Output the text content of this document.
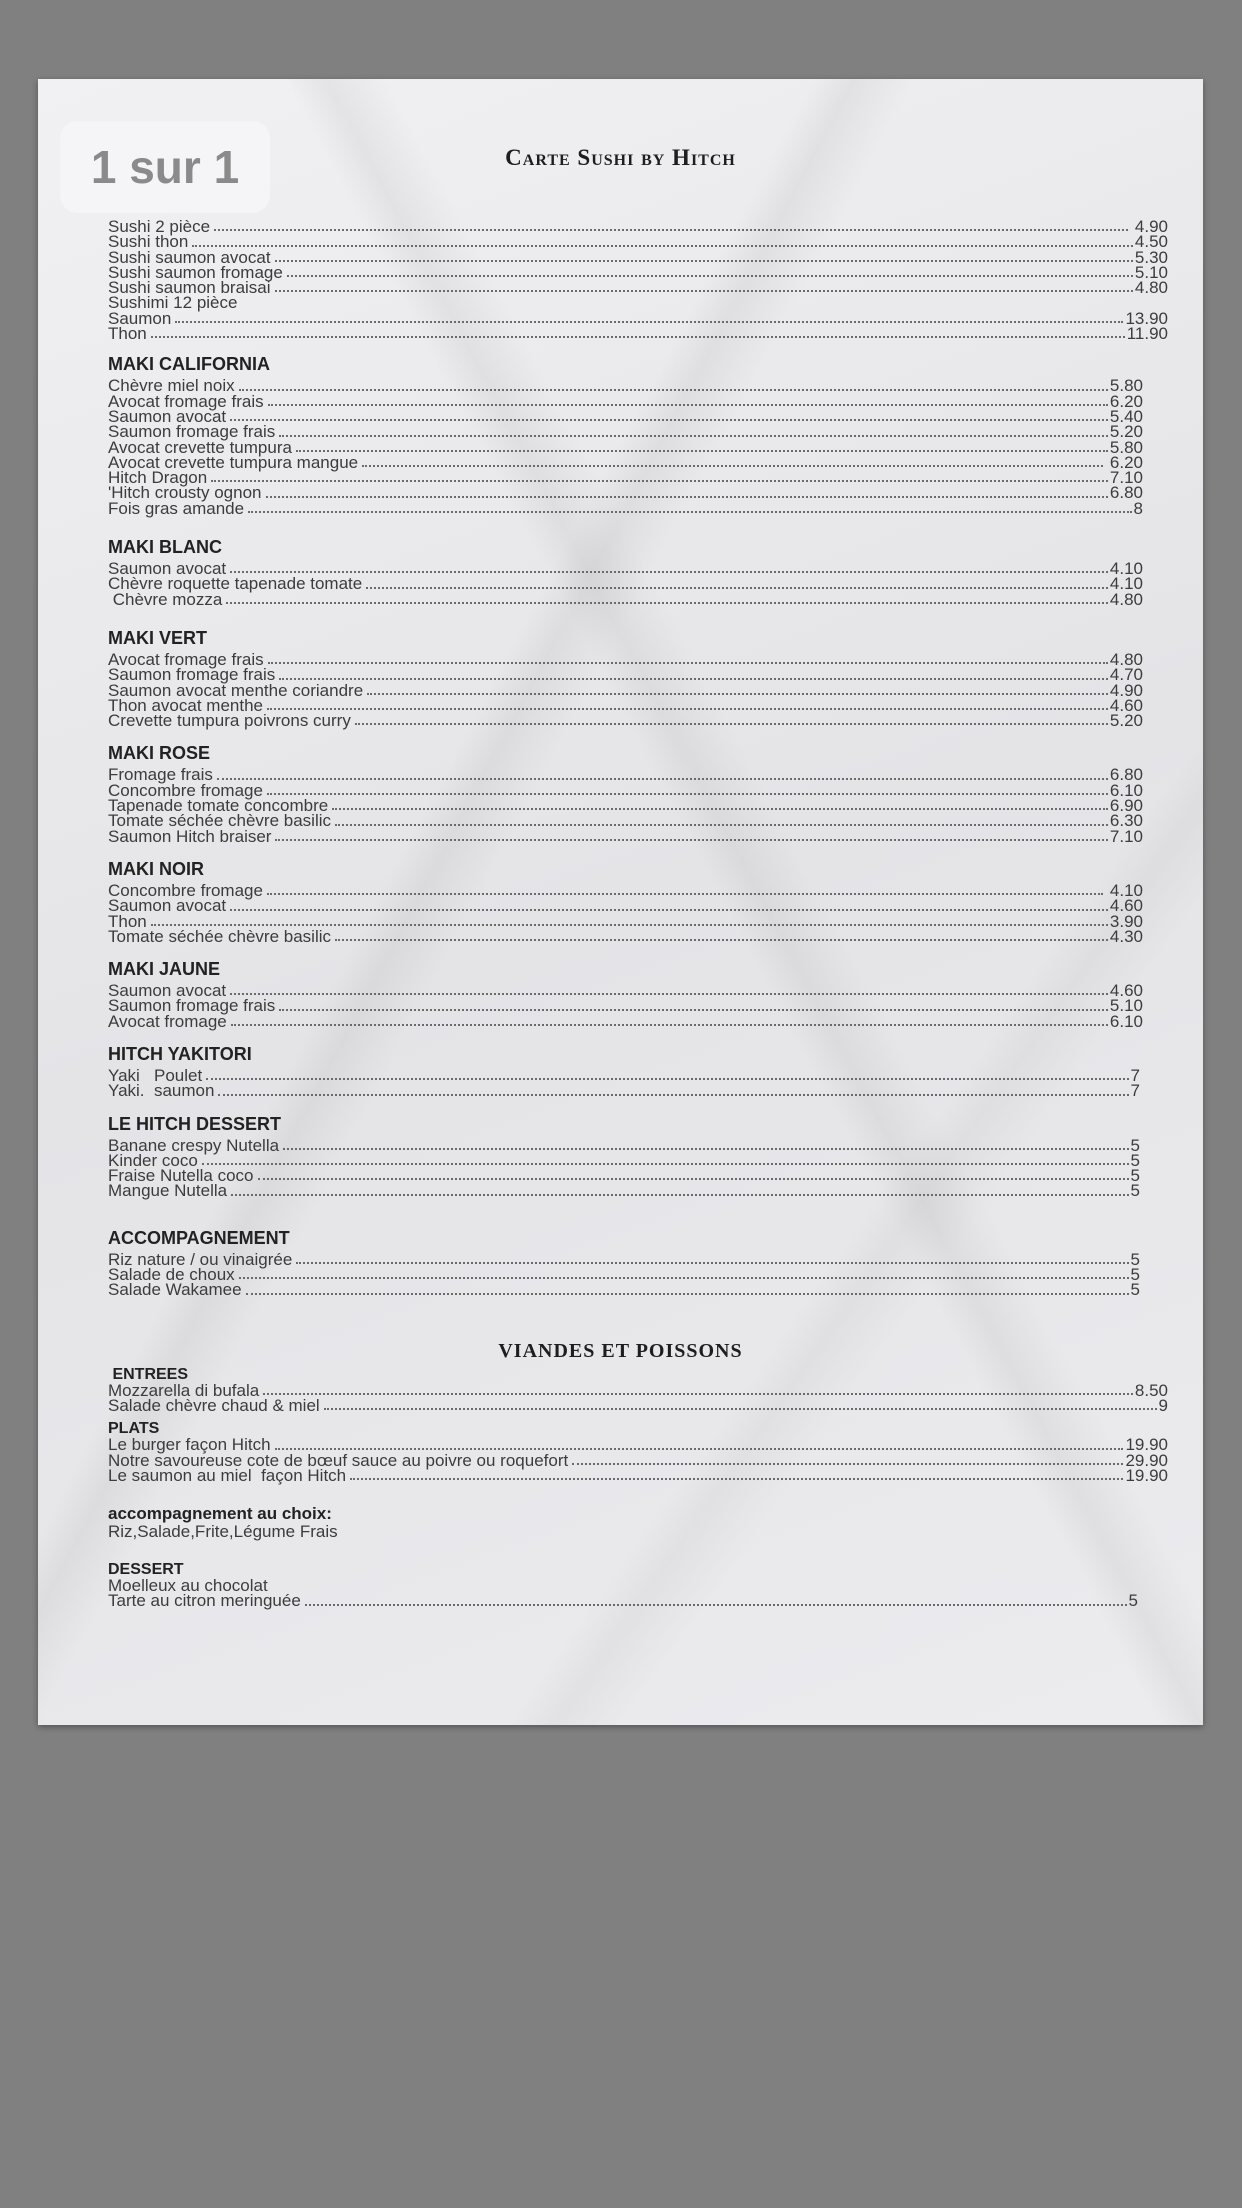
1 sur 1	Carte Sushi by Hitch
Sushi 2 pièce	4.90
Sushi thon	4.50
Sushi saumon avocat	5.30
Sushi saumon fromage	5.10
Sushi saumon braisai	4.80
Sushimi 12 pièce
Saumon	13.90
Thon	11.90
MAKI CALIFORNIA
Chèvre miel noix	5.80
Avocat fromage frais	6.20
Saumon avocat	5.40
Saumon fromage frais	5.20
Avocat crevette tumpura	5.80
Avocat crevette tumpura mangue	6.20
Hitch Dragon	7.10
'Hitch crousty ognon	6.80
Fois gras amande	8
MAKI BLANC
Saumon avocat	4.10
Chèvre roquette tapenade tomate	4.10
Chèvre mozza	4.80
MAKI VERT
Avocat fromage frais	4.80
Saumon fromage frais	4.70
Saumon avocat menthe coriandre	4.90
Thon avocat menthe	4.60
Crevette tumpura poivrons curry	5.20
MAKI ROSE
Fromage frais	6.80
Concombre fromage	6.10
Tapenade tomate concombre	6.90
Tomate séchée chèvre basilic	6.30
Saumon Hitch braiser	7.10
MAKI NOIR
Concombre fromage	4.10
Saumon avocat	4.60
Thon	3.90
Tomate séchée chèvre basilic	4.30
MAKI JAUNE
Saumon avocat	4.60
Saumon fromage frais	5.10
Avocat fromage	6.10
HITCH YAKITORI
Yaki   Poulet	7
Yaki.  saumon	7
LE HITCH DESSERT
Banane crespy Nutella	5
Kinder coco	5
Fraise Nutella coco	5
Mangue Nutella	5
ACCOMPAGNEMENT
Riz nature / ou vinaigrée	5
Salade de choux	5
Salade Wakamee	5
VIANDES ET POISSONS
ENTREES
Mozzarella di bufala	8.50
Salade chèvre chaud & miel	9
PLATS
Le burger façon Hitch	19.90
Notre savoureuse cote de bœuf sauce au poivre ou roquefort	29.90
Le saumon au miel  façon Hitch	19.90
accompagnement au choix:
Riz,Salade,Frite,Légume Frais
DESSERT
Moelleux au chocolat
Tarte au citron meringuée	5
